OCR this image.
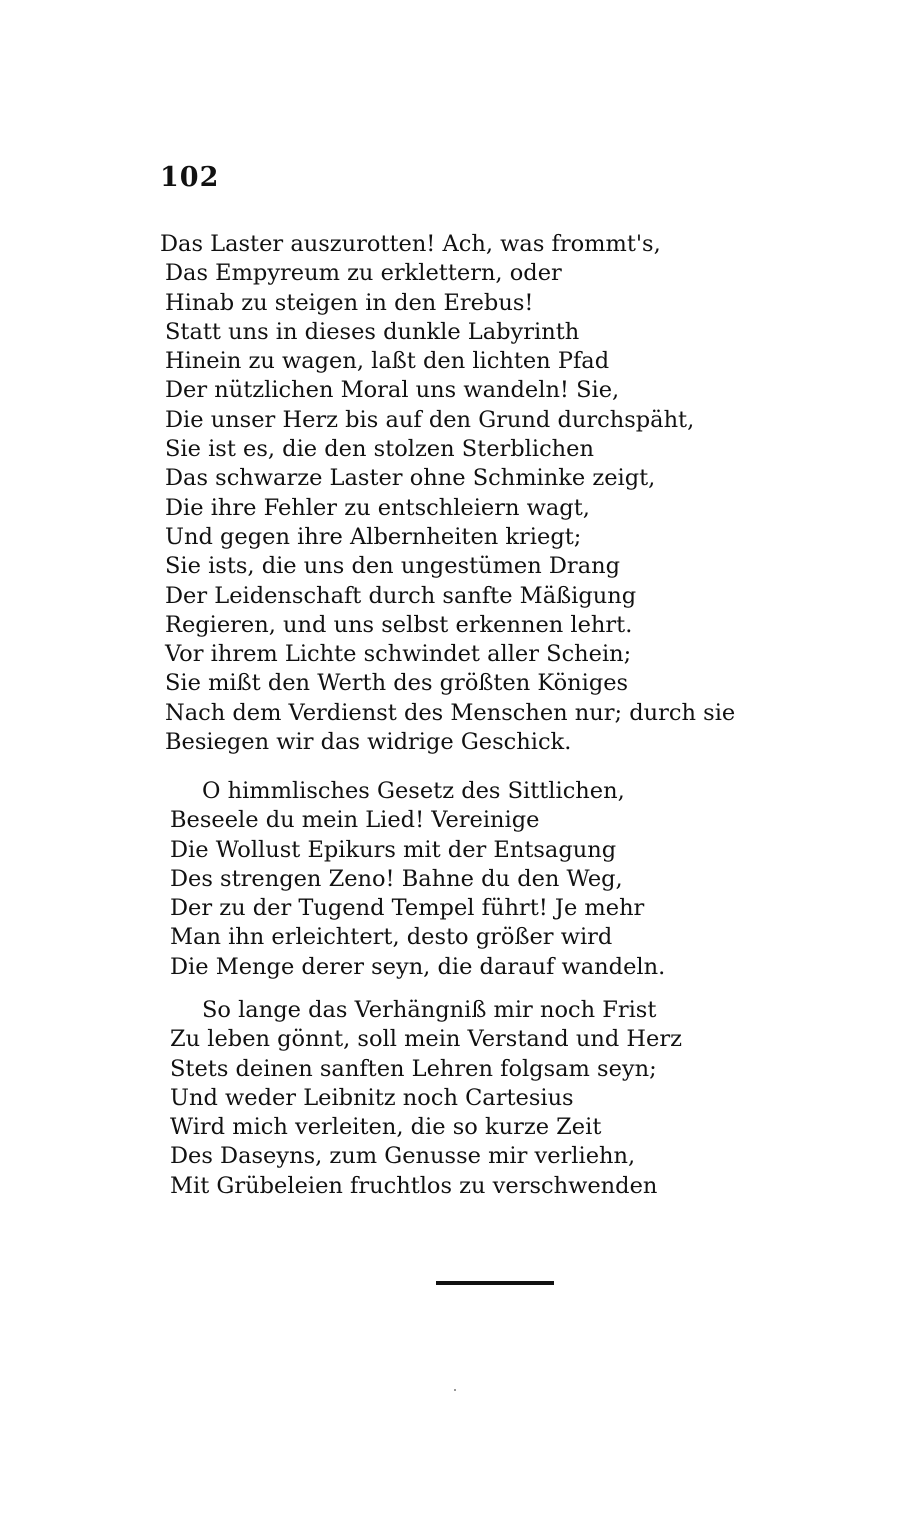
102
Das Laster auszurotten! Ach, was frommt's,
Das Empyreum zu erklettern, oder
Hinab zu steigen in den Erebus!
Statt uns in dieses dunkle Labyrinth
Hinein zu wagen, laßt den lichten Pfad
Der nützlichen Moral uns wandeln! Sie,
Die unser Herz bis auf den Grund durchspäht,
Sie ist es, die den stolzen Sterblichen
Das schwarze Laster ohne Schminke zeigt,
Die ihre Fehler zu entschleiern wagt,
Und gegen ihre Albernheiten kriegt;
Sie ists, die uns den ungestümen Drang
Der Leidenschaft durch sanfte Mäßigung
Regieren, und uns selbst erkennen lehrt.
Vor ihrem Lichte schwindet aller Schein;
Sie mißt den Werth des größten Königes
Nach dem Verdienst des Menschen nur; durch sie
Besiegen wir das widrige Geschick.
O himmlisches Gesetz des Sittlichen,
Beseele du mein Lied! Vereinige
Die Wollust Epikurs mit der Entsagung
Des strengen Zeno! Bahne du den Weg,
Der zu der Tugend Tempel führt! Je mehr
Man ihn erleichtert, desto größer wird
Die Menge derer seyn, die darauf wandeln.
So lange das Verhängniß mir noch Frist
Zu leben gönnt, soll mein Verstand und Herz
Stets deinen sanften Lehren folgsam seyn;
Und weder Leibnitz noch Cartesius
Wird mich verleiten, die so kurze Zeit
Des Daseyns, zum Genusse mir verliehn,
Mit Grübeleien fruchtlos zu verschwenden
